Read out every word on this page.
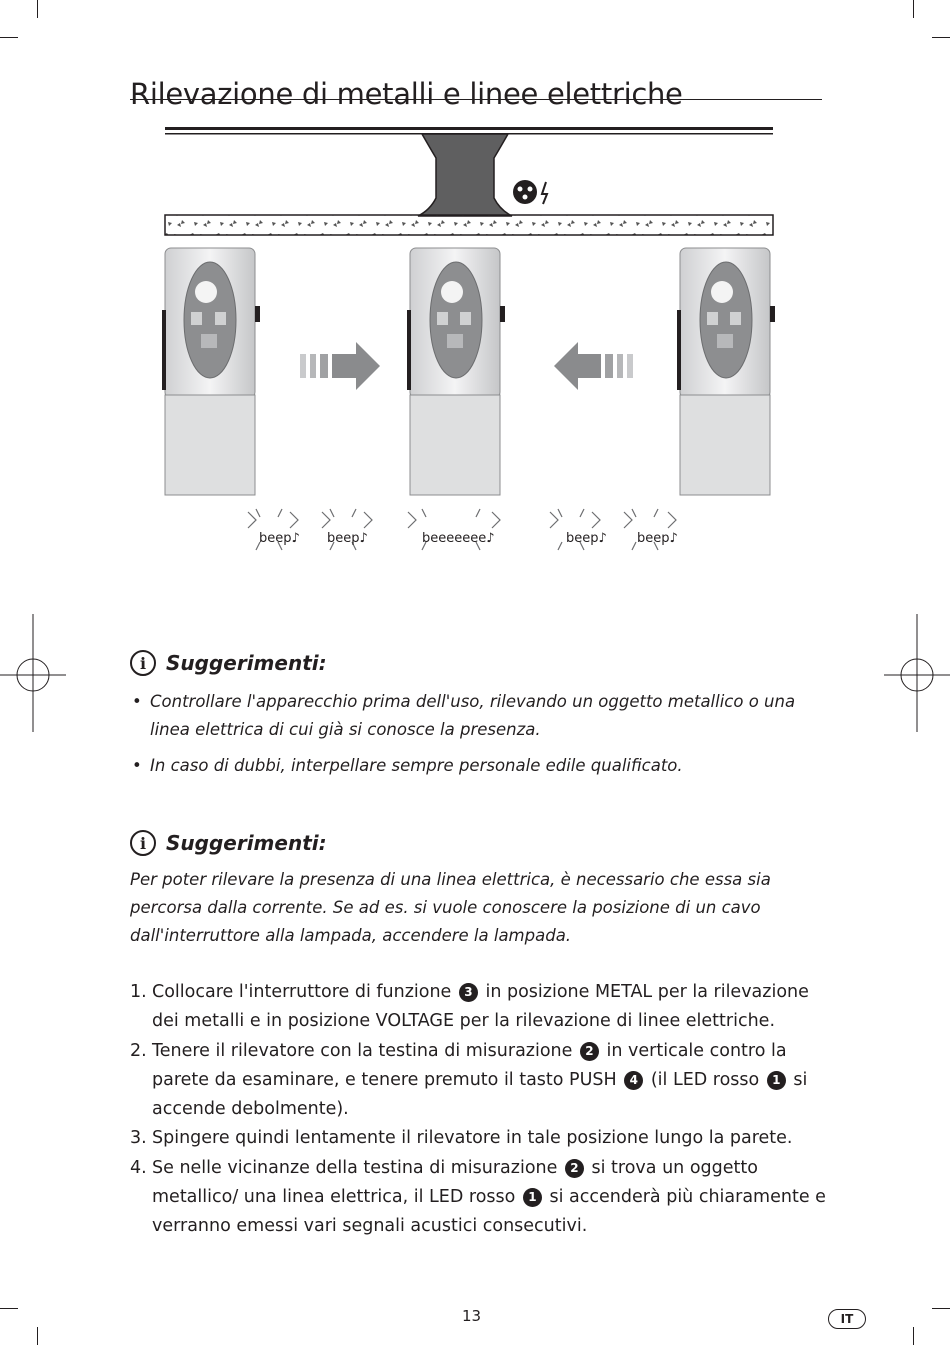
Rilevazione di metalli e linee elettriche
beep♪ beep♪	beeeeeee♪	beep♪ beep♪
i Suggerimenti:
• Controllare l'apparecchio prima dell'uso, rilevando un oggetto metallico o una linea elettrica di cui già si conosce la presenza.
• In caso di dubbi, interpellare sempre personale edile qualificato.
i Suggerimenti:

Per poter rilevare la presenza di una linea elettrica, è necessario che essa sia percorsa dalla corrente. Se ad es. si vuole conoscere la posizione di un cavo dall'interruttore alla lampada, accendere la lampada.

1. Collocare l'interruttore di funzione 3 in posizione METAL per la rilevazione dei metalli e in posizione VOLTAGE per la rilevazione di linee elettriche.
2. Tenere il rilevatore con la testina di misurazione 2 in verticale contro la parete da esaminare, e tenere premuto il tasto PUSH 4 (il LED rosso 1 si accende debolmente).
3. Spingere quindi lentamente il rilevatore in tale posizione lungo la parete.
4. Se nelle vicinanze della testina di misurazione 2 si trova un oggetto metallico/ una linea elettrica, il LED rosso 1 si accenderà più chiaramente e verranno emessi vari segnali acustici consecutivi.
13	IT
